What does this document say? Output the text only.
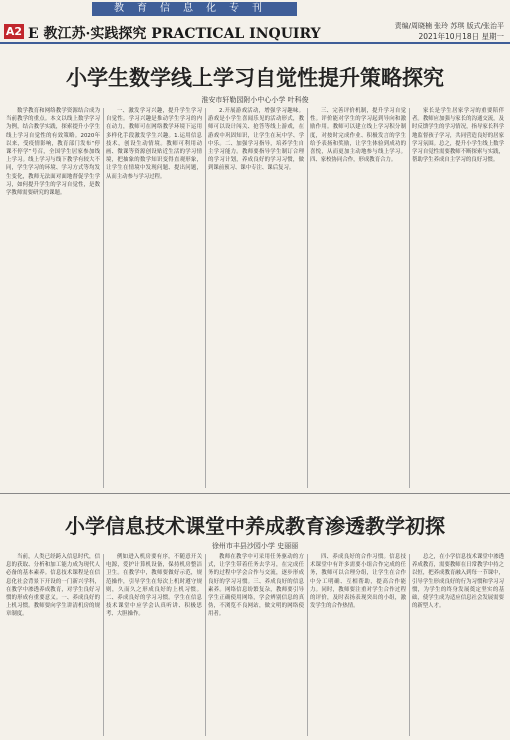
教育信息化专刊
A2 E 教江苏·实践探究 PRACTICAL INQUIRY	责编/周晓楠 张玲 苏琪 版式/张治平
2021年10月18日 星期一
小学生数学线上学习自觉性提升策略探究
淮安市轩勒园附小中心小学 叶科俊
数学教育和网络教学资源结合成为当前教学的重点。本文以线上数学学习为例，结合教学实践，探索提升小学生线上学习自觉性的有效策略。2020年以来，受疫情影响，教育部门发布“停课不停学”号召，全国学生居家参加线上学习。线上学习与线下教学有较大不同，学生学习的环境、学习方式等均发生变化，教师无法面对面地督促学生学习，如何提升学生的学习自觉性，是数学教师需要研究的课题。
一、激发学习兴趣，提升学生学习自觉性。学习兴趣是推动学生学习的内在动力，教师可在网络教学环境下运用多样化手段激发学生兴趣。1.运用信息技术，创设生动情境。教师可利用动画、微课等资源创设贴近生活的学习情境，把抽象的数学知识变得直观形象，让学生在情境中发现问题、提出问题，从而主动参与学习过程。
2.开展游戏活动，增强学习趣味。游戏是小学生喜闻乐见的活动形式，教师可以设计闯关、抢答等线上游戏，在游戏中巩固知识，让学生在玩中学、学中乐。二、加强学习指导，培养学生自主学习能力。教师要指导学生制订合理的学习计划，养成良好的学习习惯，做到课前预习、课中专注、课后复习。
三、完善评价机制，提升学习自觉性。评价能对学生的学习起到导向和激励作用。教师可以建立线上学习积分制度，对按时完成作业、积极发言的学生给予表扬和奖励，让学生体验到成功的喜悦，从而更加主动地参与线上学习。四、家校协同合作，形成教育合力。
家长是学生居家学习的重要陪伴者。教师应加强与家长的沟通交流，及时反馈学生的学习情况，指导家长科学地监督孩子学习，共同营造良好的居家学习氛围。总之，提升小学生线上数学学习自觉性需要教师不断探索与实践，帮助学生养成自主学习的良好习惯。
小学信息技术课堂中养成教育渗透教学初探
徐州市丰县沙园小学 史丽丽
当前，人类已经跨入信息时代，信息的获取、分析和加工能力成为现代人必备的基本素养。信息技术课程是在信息化社会背景下开设的一门新兴学科，在教学中渗透养成教育，对学生良好习惯的形成有重要意义。一、养成良好的上机习惯。教师要向学生讲清机房的规章制度。
例如进入机房要有序，不随意开关电源，爱护计算机设备，保持机房整洁卫生。在教学中，教师要做好示范，规范操作，引导学生在每次上机时遵守规则，久而久之形成良好的上机习惯。二、养成良好的学习习惯。学生在信息技术课堂中应学会认真听讲、积极思考、大胆操作。
教师在教学中可采用任务驱动的方式，让学生带着任务去学习，在完成任务的过程中学会合作与交流，逐步形成良好的学习习惯。三、养成良好的信息素养。网络信息纷繁复杂，教师要引导学生正确使用网络，学会辨别信息的真伪，不浏览不良网站，做文明的网络使用者。
四、养成良好的合作习惯。信息技术课堂中有许多需要小组合作完成的任务，教师可以合理分组，让学生在合作中分工明确、互相帮助，提高合作能力。同时，教师要注重对学生合作过程的评价，及时表扬表现突出的小组，激发学生的合作热情。
总之，在小学信息技术课堂中渗透养成教育，需要教师在日常教学中持之以恒，把养成教育融入到每一节课中，引导学生形成良好的行为习惯和学习习惯，为学生的终身发展奠定坚实的基础，使学生成为适应信息社会发展需要的新型人才。
